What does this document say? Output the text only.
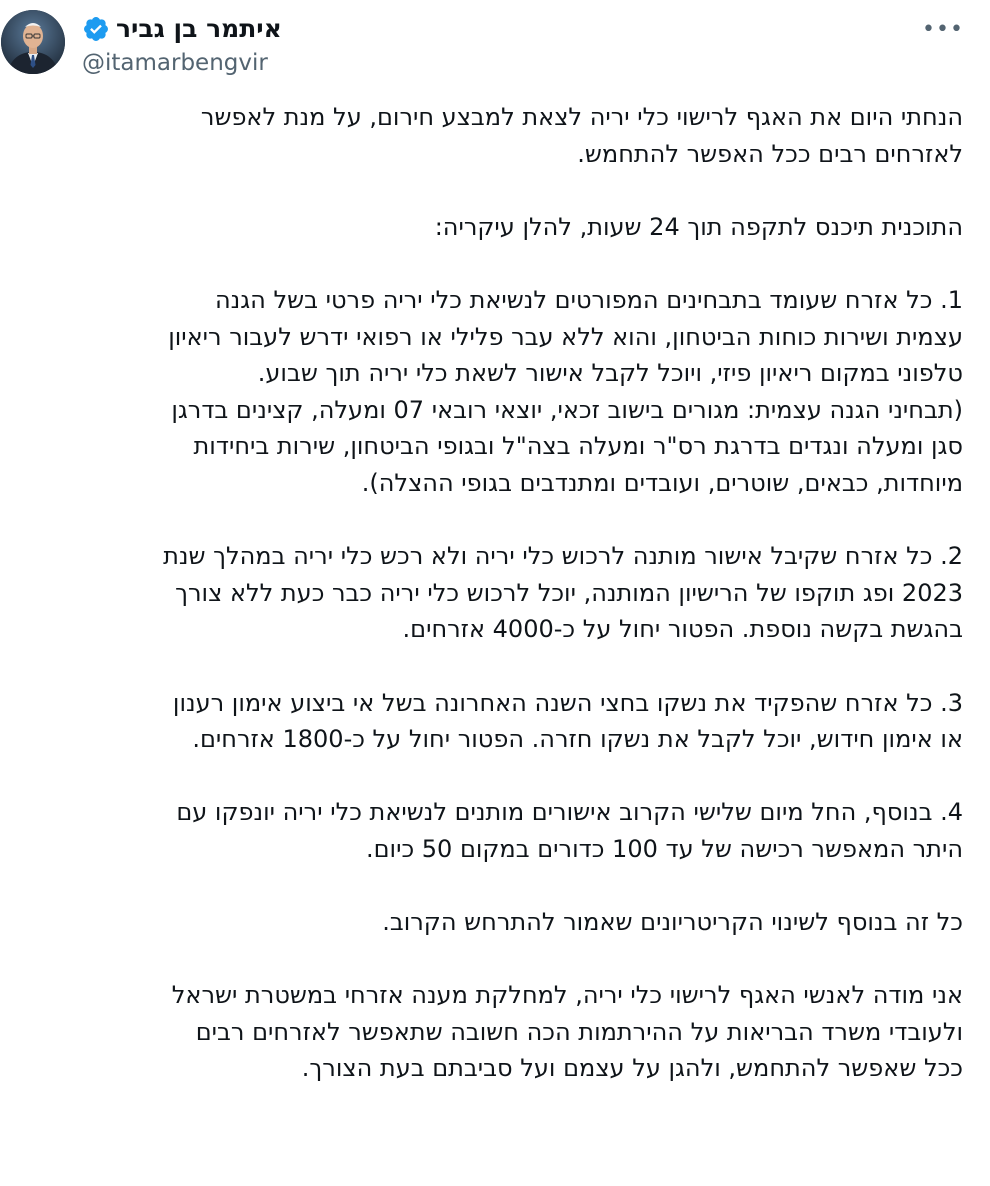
איתמר בן גביר
@itamarbengvir
•••
הנחתי היום את האגף לרישוי כלי יריה לצאת למבצע חירום, על מנת לאפשר
לאזרחים רבים ככל האפשר להתחמש.
התוכנית תיכנס לתקפה תוך 24 שעות, להלן עיקריה:
1. כל אזרח שעומד בתבחינים המפורטים לנשיאת כלי יריה פרטי בשל הגנה
עצמית ושירות כוחות הביטחון, והוא ללא עבר פלילי או רפואי ידרש לעבור ריאיון
טלפוני במקום ריאיון פיזי, ויוכל לקבל אישור לשאת כלי יריה תוך שבוע.
(תבחיני הגנה עצמית: מגורים בישוב זכאי, יוצאי רובאי 07 ומעלה, קצינים בדרגן
סגן ומעלה ונגדים בדרגת רס"ר ומעלה בצה"ל ובגופי הביטחון, שירות ביחידות
מיוחדות, כבאים, שוטרים, ועובדים ומתנדבים בגופי ההצלה).
2. כל אזרח שקיבל אישור מותנה לרכוש כלי יריה ולא רכש כלי יריה במהלך שנת
2023 ופג תוקפו של הרישיון המותנה, יוכל לרכוש כלי יריה כבר כעת ללא צורך
בהגשת בקשה נוספת. הפטור יחול על כ-4000 אזרחים.
3. כל אזרח שהפקיד את נשקו בחצי השנה האחרונה בשל אי ביצוע אימון רענון
או אימון חידוש, יוכל לקבל את נשקו חזרה. הפטור יחול על כ-1800 אזרחים.
4. בנוסף, החל מיום שלישי הקרוב אישורים מותנים לנשיאת כלי יריה יונפקו עם
היתר המאפשר רכישה של עד 100 כדורים במקום 50 כיום.
כל זה בנוסף לשינוי הקריטריונים שאמור להתרחש הקרוב.
אני מודה לאנשי האגף לרישוי כלי יריה, למחלקת מענה אזרחי במשטרת ישראל
ולעובדי משרד הבריאות על ההירתמות הכה חשובה שתאפשר לאזרחים רבים
ככל שאפשר להתחמש, ולהגן על עצמם ועל סביבתם בעת הצורך.
